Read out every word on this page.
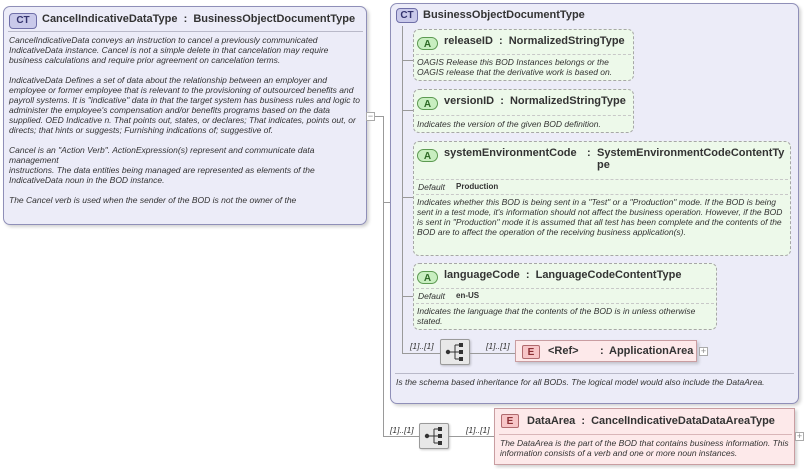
CT	CancelIndicativeDataType : BusinessObjectDocumentType

CancelIndicativeData conveys an instruction to cancel a previously communicated IndicativeData instance. Cancel is not a simple delete in that cancelation may require business calculations and require prior agreement on cancelation terms.

IndicativeData Defines a set of data about the relationship between an employer and employee or former employee that is relevant to the provisioning of outsourced benefits and payroll systems. It is "indicative" data in that the target system has business rules and logic to administer the employee's compensation and/or benefits programs based on the data supplied. OED Indicative n. That points out, states, or declares; That indicates, points out, or directs; that hints or suggests; Furnishing indications of; suggestive of.

Cancel is an "Action Verb". ActionExpression(s) represent and communicate data management
instructions. The data entities being managed are represented as elements of the IndicativeData noun in the BOD instance.

The Cancel verb is used when the sender of the BOD is not the owner of the

−
CT BusinessObjectDocumentType
A	releaseID : NormalizedStringType
OAGIS Release this BOD Instances belongs or the OAGIS release that the derivative work is based on.
A	versionID : NormalizedStringType
Indicates the version of the given BOD definition.
A	systemEnvironmentCode : SystemEnvironmentCodeContentTy
pe
Default Production
Indicates whether this BOD is being sent in a "Test" or a "Production" mode. If the BOD is being sent in a test mode, it's information should not affect the business operation. However, if the BOD is sent in "Production" mode it is assumed that all test has been complete and the contents of the BOD are to affect the operation of the receiving business application(s).
A	languageCode : LanguageCodeContentType
Default en-US
Indicates the language that the contents of the BOD is in unless otherwise stated.
[1]..[1]	[1]..[1]
E	<Ref> : ApplicationArea +
Is the schema based inheritance for all BODs. The logical model would also include the DataArea.
[1]..[1]	[1]..[1]
E	DataArea : CancelIndicativeDataDataAreaType
The DataArea is the part of the BOD that contains business information. This information consists of a verb and one or more noun instances.
+
